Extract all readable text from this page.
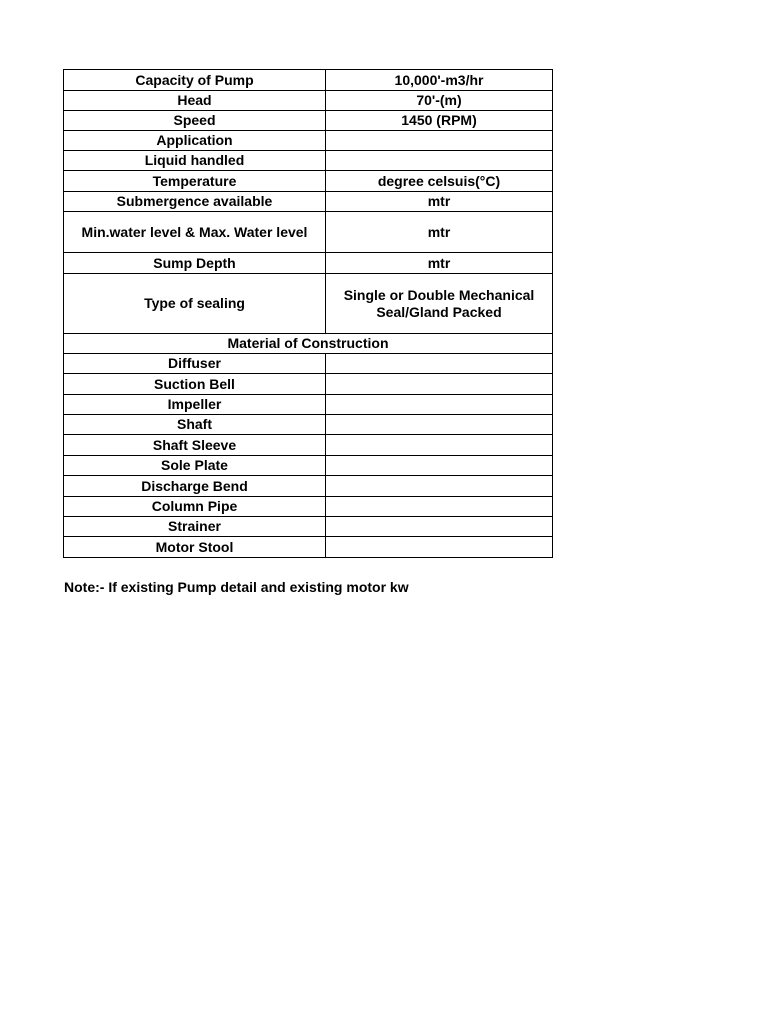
Capacity of Pump	10,000'-m3/hr
Head	70'-(m)
Speed	1450 (RPM)
Application	
Liquid handled	
Temperature	degree celsuis(°C)
Submergence available	mtr
Min.water level & Max. Water level	mtr
Sump Depth	mtr
Type of sealing	Single or Double Mechanical Seal/Gland Packed
Material of Construction	
Diffuser	
Suction Bell	
Impeller	
Shaft	
Shaft Sleeve	
Sole Plate	
Discharge Bend	
Column Pipe	
Strainer	
Motor Stool	
Note:- If existing Pump detail and existing motor kw
